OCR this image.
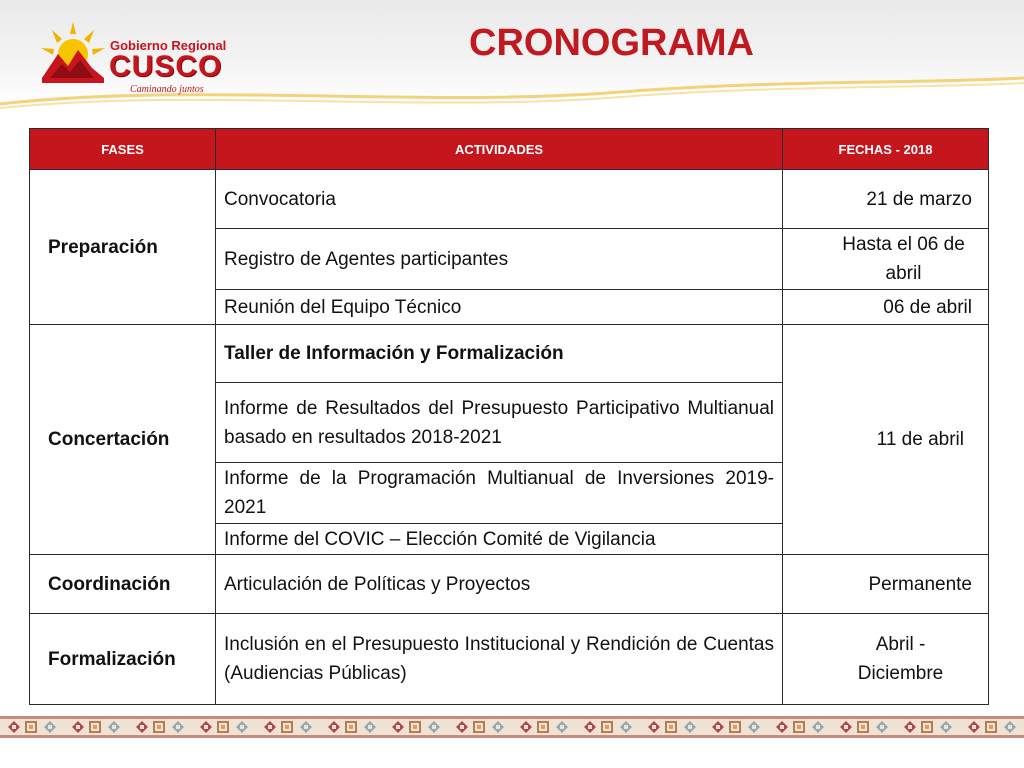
Gobierno Regional
CUSCO
Caminando juntos
CRONOGRAMA
FASES	ACTIVIDADES	FECHAS - 2018
Preparación	Convocatoria	21 de marzo
	Registro de Agentes participantes	Hasta el 06 de abril
	Reunión del Equipo Técnico	06 de abril
Concertación	Taller de Información y Formalización	11 de abril
	Informe de Resultados del Presupuesto Participativo Multianual basado en resultados 2018-2021	
	Informe de la Programación Multianual de Inversiones 2019-2021	
	Informe del COVIC – Elección Comité de Vigilancia	
Coordinación	Articulación de Políticas y Proyectos	Permanente
Formalización	Inclusión en el Presupuesto Institucional y Rendición de Cuentas (Audiencias Públicas)	Abril - Diciembre
